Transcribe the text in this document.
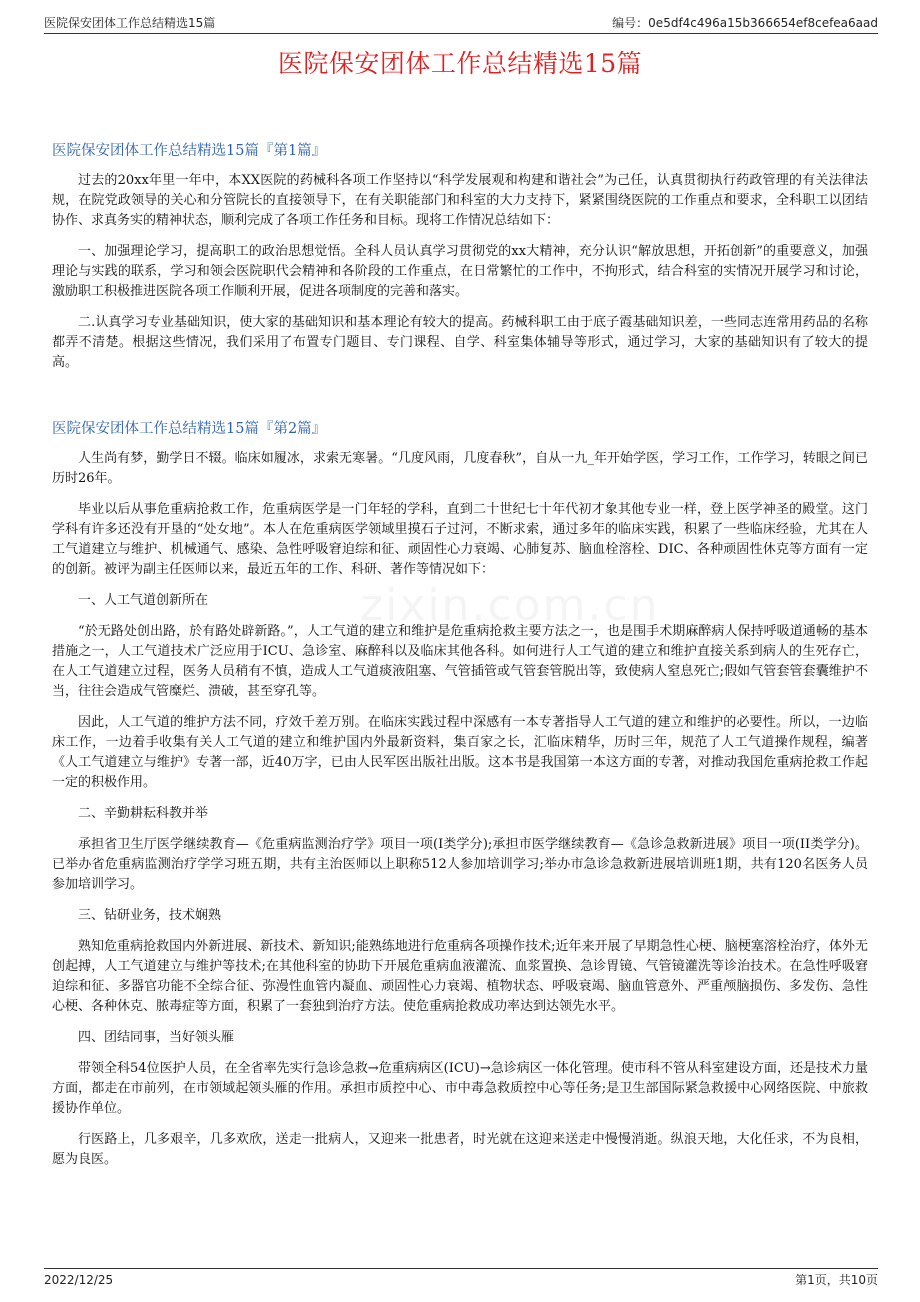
医院保安团体工作总结精选15篇	编号：0e5df4c496a15b366654ef8cefea6aad
医院保安团体工作总结精选15篇
医院保安团体工作总结精选15篇『第1篇』

过去的20xx年里一年中，本XX医院的药械科各项工作坚持以“科学发展观和构建和谐社会”为己任，认真贯彻执行药政管理的有关法律法规，在院党政领导的关心和分管院长的直接领导下，在有关职能部门和科室的大力支持下，紧紧围绕医院的工作重点和要求，全科职工以团结协作、求真务实的精神状态，顺利完成了各项工作任务和目标。现将工作情况总结如下：

一、加强理论学习，提高职工的政治思想觉悟。全科人员认真学习贯彻党的xx大精神，充分认识“解放思想，开拓创新”的重要意义，加强理论与实践的联系，学习和领会医院职代会精神和各阶段的工作重点，在日常繁忙的工作中，不拘形式，结合科室的实情况开展学习和讨论，激励职工积极推进医院各项工作顺利开展，促进各项制度的完善和落实。

二.认真学习专业基础知识，使大家的基础知识和基本理论有较大的提高。药械科职工由于底子霞基础知识差，一些同志连常用药品的名称都弄不清楚。根据这些情况，我们采用了布置专门题目、专门课程、自学、科室集体辅导等形式，通过学习，大家的基础知识有了较大的提高。

医院保安团体工作总结精选15篇『第2篇』

人生尚有梦，勤学日不辍。临床如履冰，求索无寒暑。“几度风雨，几度春秋”，自从一九_年开始学医，学习工作，工作学习，转眼之间已历时26年。

毕业以后从事危重病抢救工作，危重病医学是一门年轻的学科，直到二十世纪七十年代初才象其他专业一样，登上医学神圣的殿堂。这门学科有许多还没有开垦的“处女地”。本人在危重病医学领域里摸石子过河，不断求索，通过多年的临床实践，积累了一些临床经验，尤其在人工气道建立与维护、机械通气、感染、急性呼吸窘迫综和征、顽固性心力衰竭、心肺复苏、脑血栓溶栓、DIC、各种顽固性休克等方面有一定的创新。被评为副主任医师以来，最近五年的工作、科研、著作等情况如下：

一、人工气道创新所在

“於无路处创出路，於有路处辟新路。”，人工气道的建立和维护是危重病抢救主要方法之一，也是围手术期麻醉病人保持呼吸道通畅的基本措施之一，人工气道技术广泛应用于ICU、急诊室、麻醉科以及临床其他各科。如何进行人工气道的建立和维护直接关系到病人的生死存亡，在人工气道建立过程，医务人员稍有不慎，造成人工气道痰液阻塞、气管插管或气管套管脱出等，致使病人窒息死亡;假如气管套管套囊维护不当，往往会造成气管糜烂、溃破，甚至穿孔等。

因此，人工气道的维护方法不同，疗效千差万别。在临床实践过程中深感有一本专著指导人工气道的建立和维护的必要性。所以，一边临床工作，一边着手收集有关人工气道的建立和维护国内外最新资料，集百家之长，汇临床精华，历时三年，规范了人工气道操作规程，编著《人工气道建立与维护》专著一部，近40万字，已由人民军医出版社出版。这本书是我国第一本这方面的专著，对推动我国危重病抢救工作起一定的积极作用。

二、辛勤耕耘科教并举

承担省卫生厅医学继续教育—《危重病监测治疗学》项目一项(I类学分);承担市医学继续教育—《急诊急救新进展》项目一项(II类学分)。已举办省危重病监测治疗学学习班五期，共有主治医师以上职称512人参加培训学习;举办市急诊急救新进展培训班1期，共有120名医务人员参加培训学习。

三、钻研业务，技术娴熟

熟知危重病抢救国内外新进展、新技术、新知识;能熟练地进行危重病各项操作技术;近年来开展了早期急性心梗、脑梗塞溶栓治疗，体外无创起搏，人工气道建立与维护等技术;在其他科室的协助下开展危重病血液灌流、血浆置换、急诊胃镜、气管镜灌洗等诊治技术。在急性呼吸窘迫综和征、多器官功能不全综合征、弥漫性血管内凝血、顽固性心力衰竭、植物状态、呼吸衰竭、脑血管意外、严重颅脑损伤、多发伤、急性心梗、各种休克、脓毒症等方面，积累了一套独到治疗方法。使危重病抢救成功率达到达领先水平。

四、团结同事，当好领头雁

带领全科54位医护人员，在全省率先实行急诊急救→危重病病区(ICU)→急诊病区一体化管理。使市科不管从科室建设方面，还是技术力量方面，都走在市前列，在市领域起领头雁的作用。承担市质控中心、市中毒急救质控中心等任务;是卫生部国际紧急救援中心网络医院、中旅救援协作单位。

行医路上，几多艰辛，几多欢欣，送走一批病人，又迎来一批患者，时光就在这迎来送走中慢慢消逝。纵浪天地，大化任求，不为良相，愿为良医。

2022/12/25	第1页，共10页
